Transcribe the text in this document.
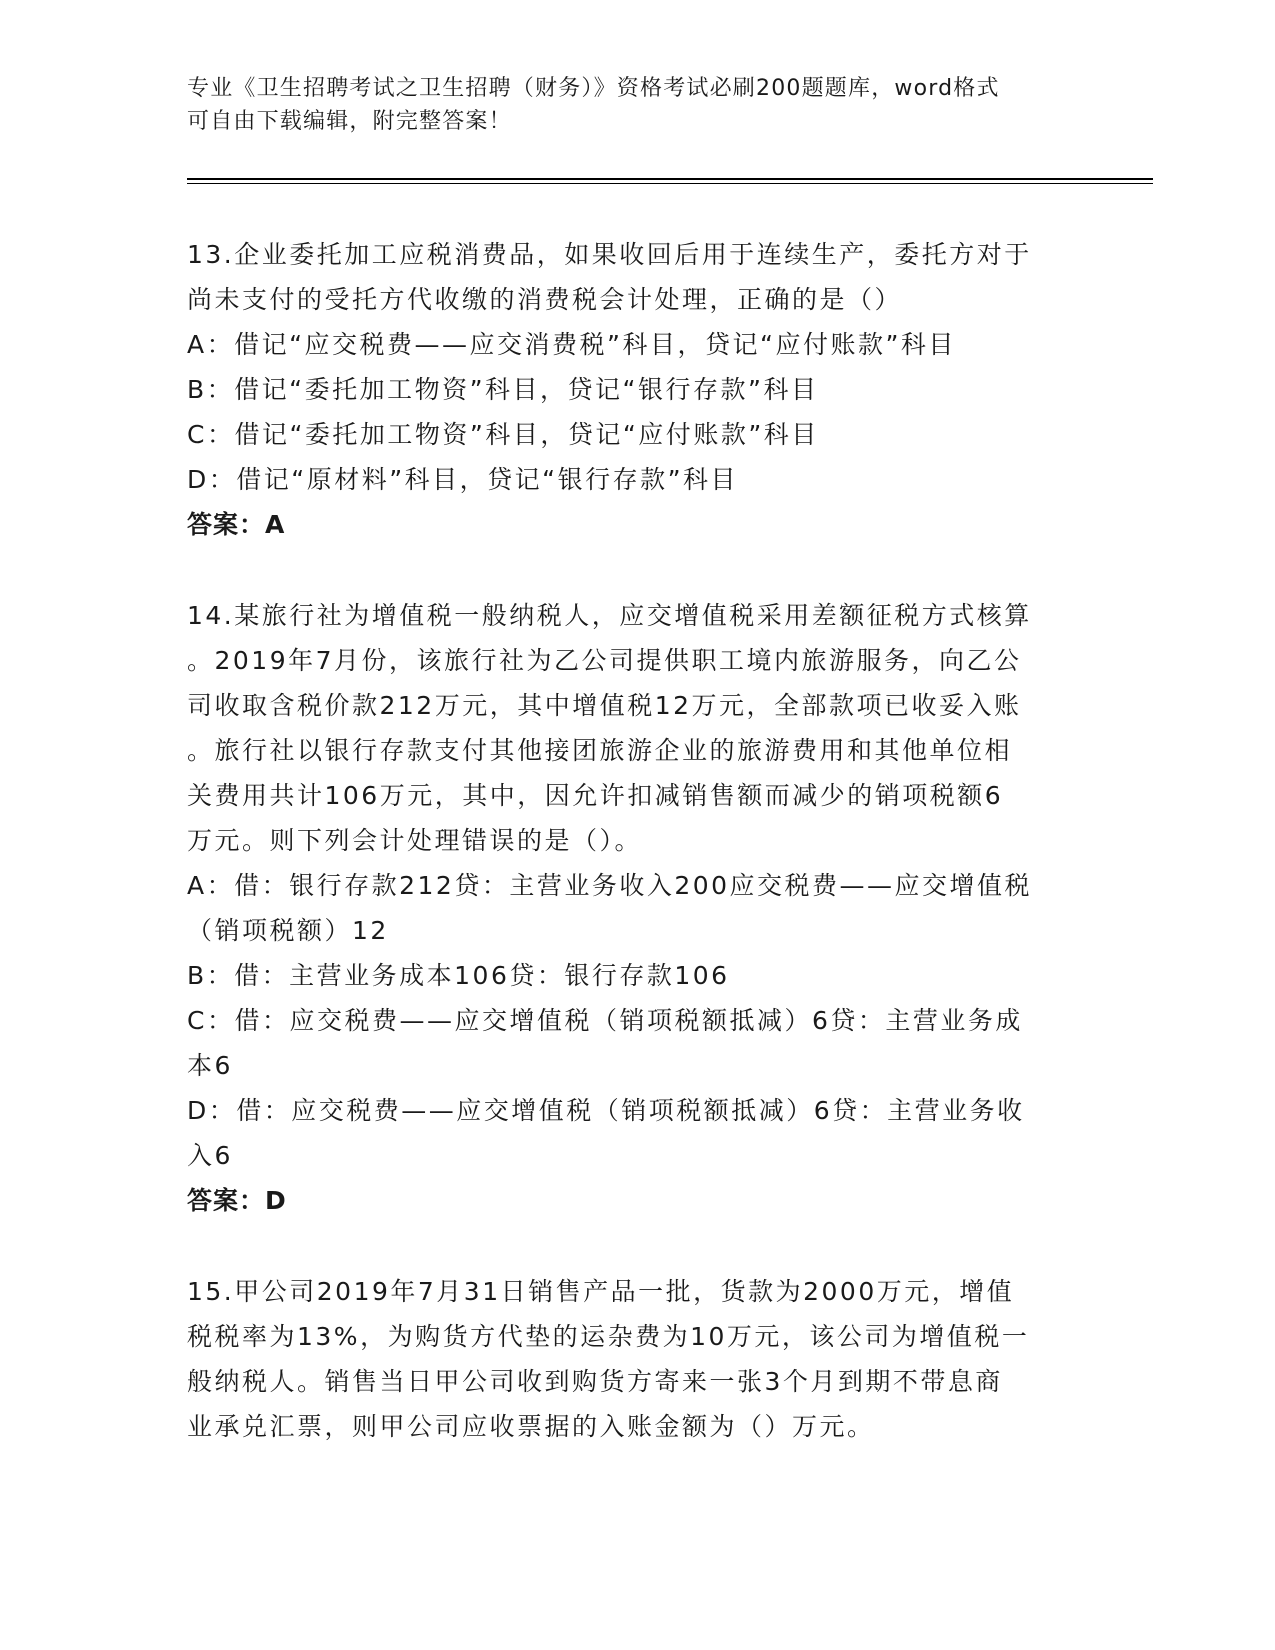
专业《卫生招聘考试之卫生招聘（财务）》资格考试必刷200题题库，word格式
可自由下载编辑，附完整答案！
13.企业委托加工应税消费品，如果收回后用于连续生产，委托方对于
尚未支付的受托方代收缴的消费税会计处理，正确的是（）
A：借记“应交税费——应交消费税”科目，贷记“应付账款”科目
B：借记“委托加工物资”科目，贷记“银行存款”科目
C：借记“委托加工物资”科目，贷记“应付账款”科目
D：借记“原材料”科目，贷记“银行存款”科目
答案：A
14.某旅行社为增值税一般纳税人，应交增值税采用差额征税方式核算
。2019年7月份，该旅行社为乙公司提供职工境内旅游服务，向乙公
司收取含税价款212万元，其中增值税12万元，全部款项已收妥入账
。旅行社以银行存款支付其他接团旅游企业的旅游费用和其他单位相
关费用共计106万元，其中，因允许扣减销售额而减少的销项税额6
万元。则下列会计处理错误的是（）。
A：借：银行存款212贷：主营业务收入200应交税费——应交增值税
（销项税额）12
B：借：主营业务成本106贷：银行存款106
C：借：应交税费——应交增值税（销项税额抵减）6贷：主营业务成
本6
D：借：应交税费——应交增值税（销项税额抵减）6贷：主营业务收
入6
答案：D
15.甲公司2019年7月31日销售产品一批，货款为2000万元，增值
税税率为13%，为购货方代垫的运杂费为10万元，该公司为增值税一
般纳税人。销售当日甲公司收到购货方寄来一张3个月到期不带息商
业承兑汇票，则甲公司应收票据的入账金额为（）万元。
